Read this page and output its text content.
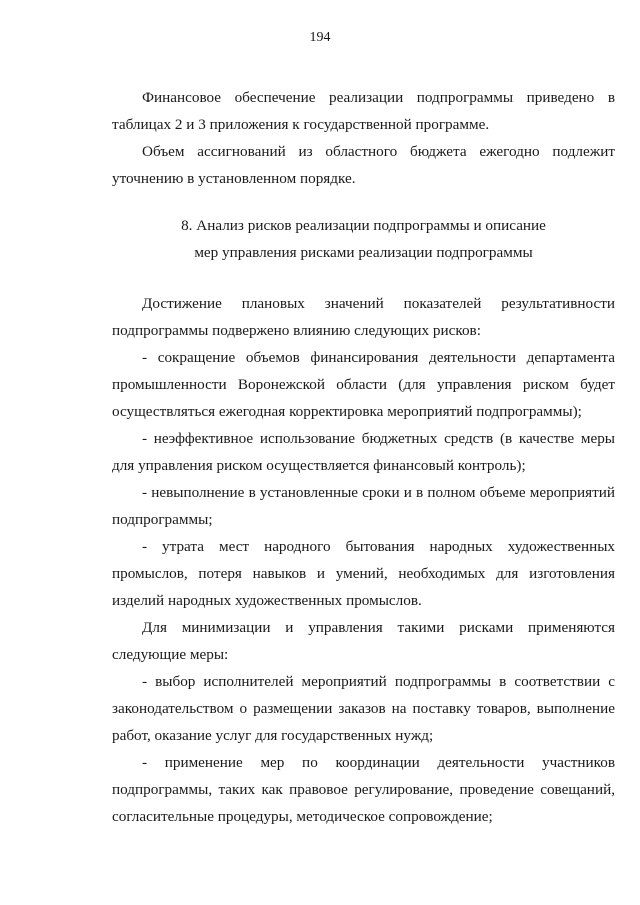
194

Финансовое обеспечение реализации подпрограммы приведено в таблицах 2 и 3 приложения к государственной программе.

Объем ассигнований из областного бюджета ежегодно подлежит уточнению в установленном порядке.

8. Анализ рисков реализации подпрограммы и описание

мер управления рисками реализации подпрограммы

Достижение плановых значений показателей результативности подпрограммы подвержено влиянию следующих рисков:

- сокращение объемов финансирования деятельности департамента промышленности Воронежской области (для управления риском будет осуществляться ежегодная корректировка мероприятий подпрограммы);

- неэффективное использование бюджетных средств (в качестве меры для управления риском осуществляется финансовый контроль);

- невыполнение в установленные сроки и в полном объеме мероприятий подпрограммы;

- утрата мест народного бытования народных художественных промыслов, потеря навыков и умений, необходимых для изготовления изделий народных художественных промыслов.

Для минимизации и управления такими рисками применяются следующие меры:

- выбор исполнителей мероприятий подпрограммы в соответствии с законодательством о размещении заказов на поставку товаров, выполнение работ, оказание услуг для государственных нужд;

- применение мер по координации деятельности участников подпрограммы, таких как правовое регулирование, проведение совещаний, согласительные процедуры, методическое сопровождение;
